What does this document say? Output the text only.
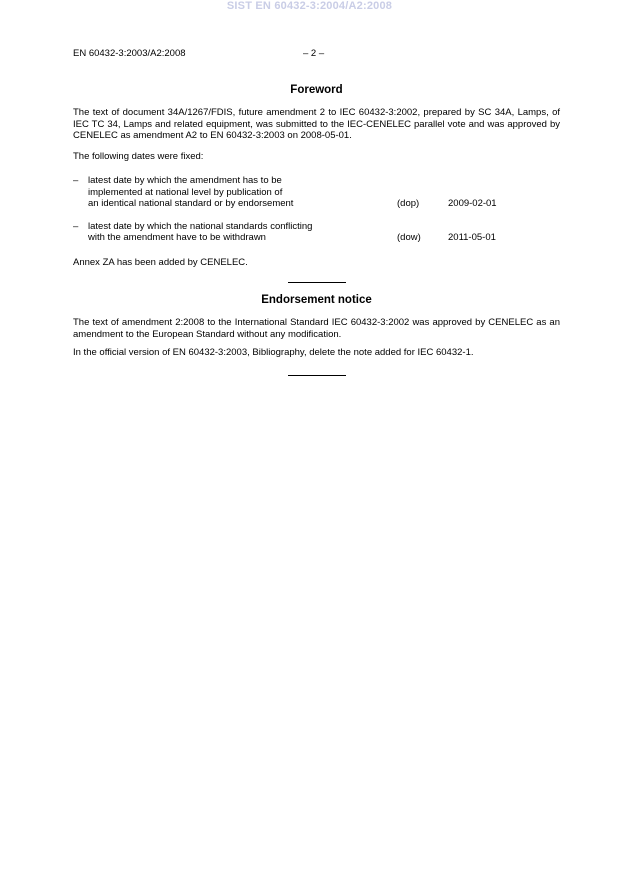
SIST EN 60432-3:2004/A2:2008
EN 60432-3:2003/A2:2008	– 2 –
Foreword

The text of document 34A/1267/FDIS, future amendment 2 to IEC 60432-3:2002, prepared by SC 34A, Lamps, of IEC TC 34, Lamps and related equipment, was submitted to the IEC-CENELEC parallel vote and was approved by CENELEC as amendment A2 to EN 60432-3:2003 on 2008-05-01.

The following dates were fixed:

– latest date by which the amendment has to be
implemented at national level by publication of
an identical national standard or by endorsement	(dop)	2009-02-01
– latest date by which the national standards conflicting
with the amendment have to be withdrawn	(dow)	2011-05-01

Annex ZA has been added by CENELEC.

Endorsement notice

The text of amendment 2:2008 to the International Standard IEC 60432-3:2002 was approved by CENELEC as an amendment to the European Standard without any modification.

In the official version of EN 60432-3:2003, Bibliography, delete the note added for IEC 60432-1.
